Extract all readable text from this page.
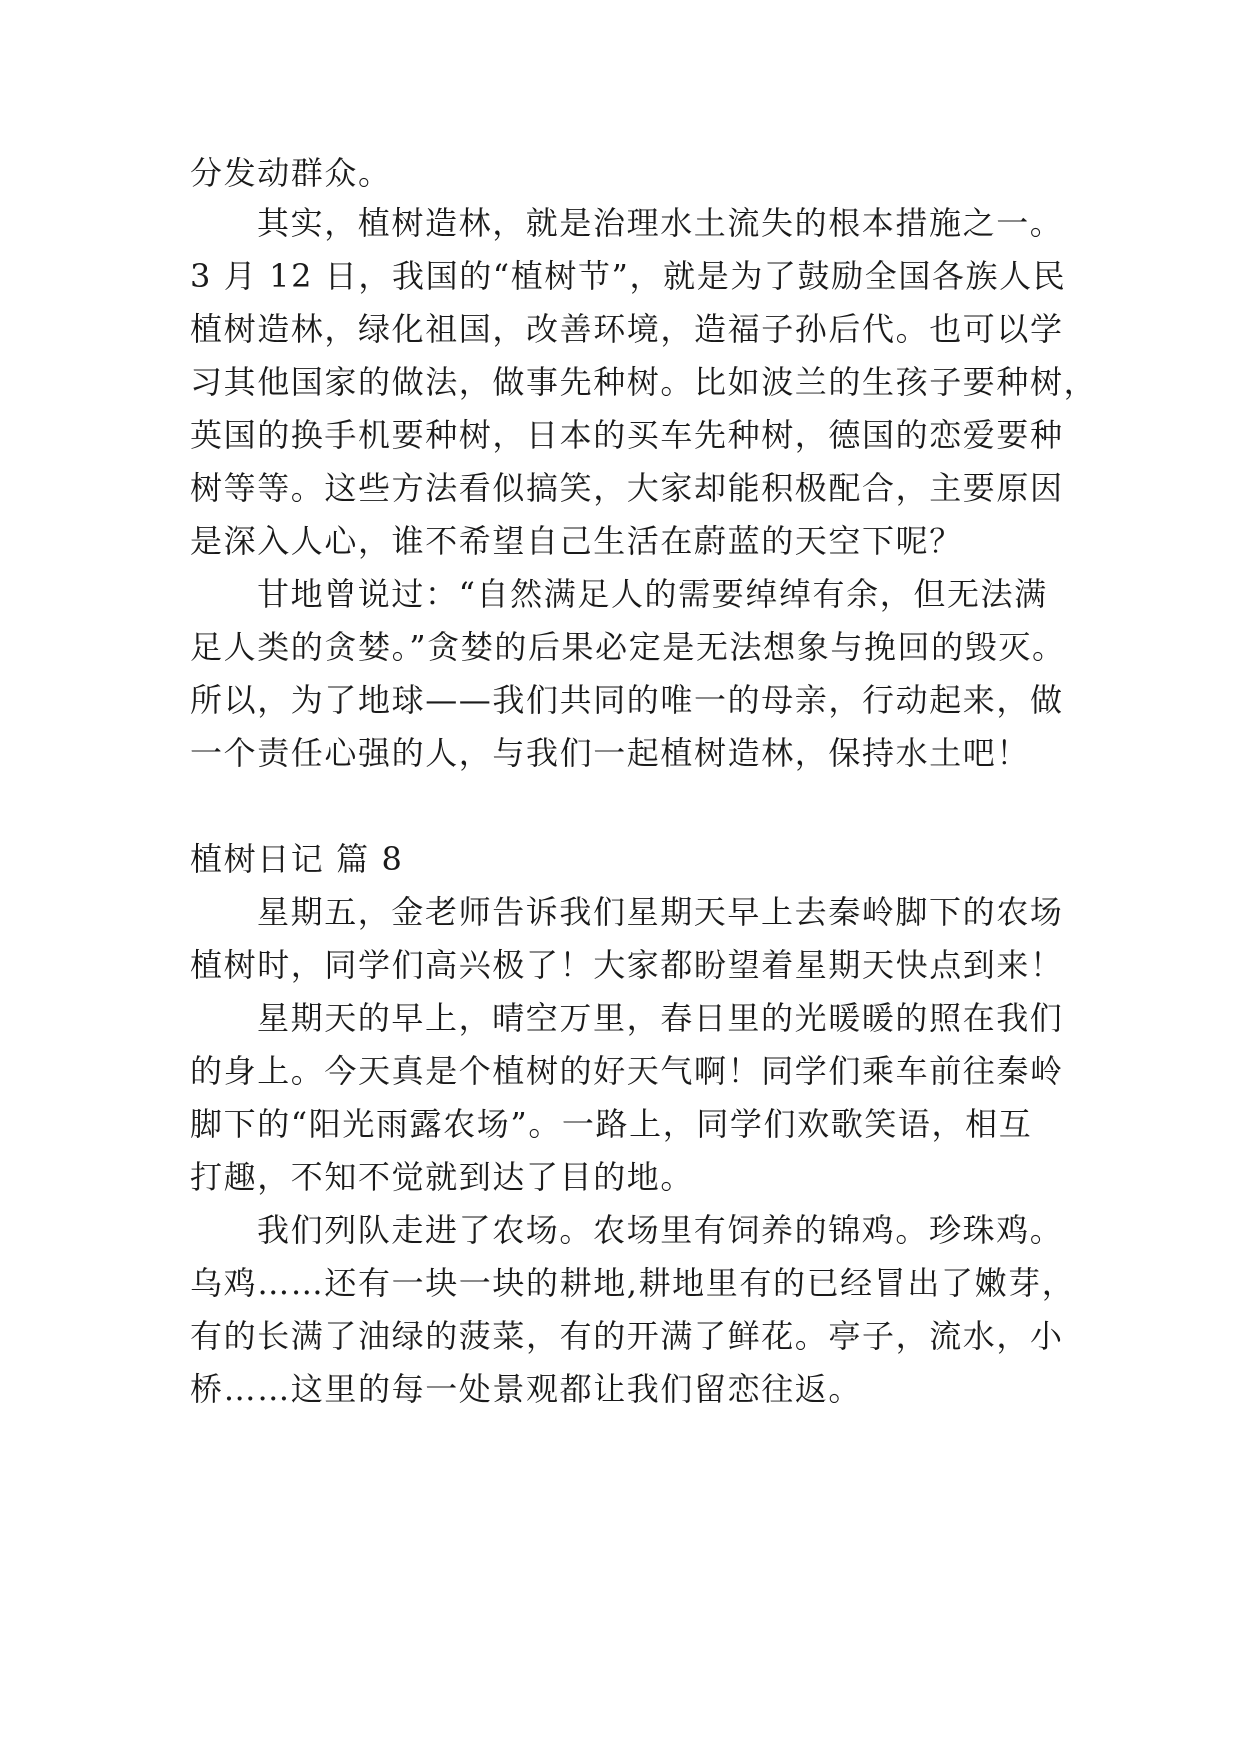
分发动群众。
其实，植树造林，就是治理水土流失的根本措施之一。
3 月 12 日，我国的“植树节”，就是为了鼓励全国各族人民
植树造林，绿化祖国，改善环境，造福子孙后代。也可以学
习其他国家的做法，做事先种树。比如波兰的生孩子要种树，
英国的换手机要种树，日本的买车先种树，德国的恋爱要种
树等等。这些方法看似搞笑，大家却能积极配合，主要原因
是深入人心，谁不希望自己生活在蔚蓝的天空下呢？
甘地曾说过：“自然满足人的需要绰绰有余，但无法满
足人类的贪婪。”贪婪的后果必定是无法想象与挽回的毁灭。
所以，为了地球——我们共同的唯一的母亲，行动起来，做
一个责任心强的人，与我们一起植树造林，保持水土吧！
植树日记 篇 8
星期五，金老师告诉我们星期天早上去秦岭脚下的农场
植树时，同学们高兴极了！大家都盼望着星期天快点到来！
星期天的早上，晴空万里，春日里的光暖暖的照在我们
的身上。今天真是个植树的好天气啊！同学们乘车前往秦岭
脚下的“阳光雨露农场”。一路上，同学们欢歌笑语，相互
打趣，不知不觉就到达了目的地。
我们列队走进了农场。农场里有饲养的锦鸡。珍珠鸡。
乌鸡……还有一块一块的耕地,耕地里有的已经冒出了嫩芽，
有的长满了油绿的菠菜，有的开满了鲜花。亭子，流水，小
桥……这里的每一处景观都让我们留恋往返。
